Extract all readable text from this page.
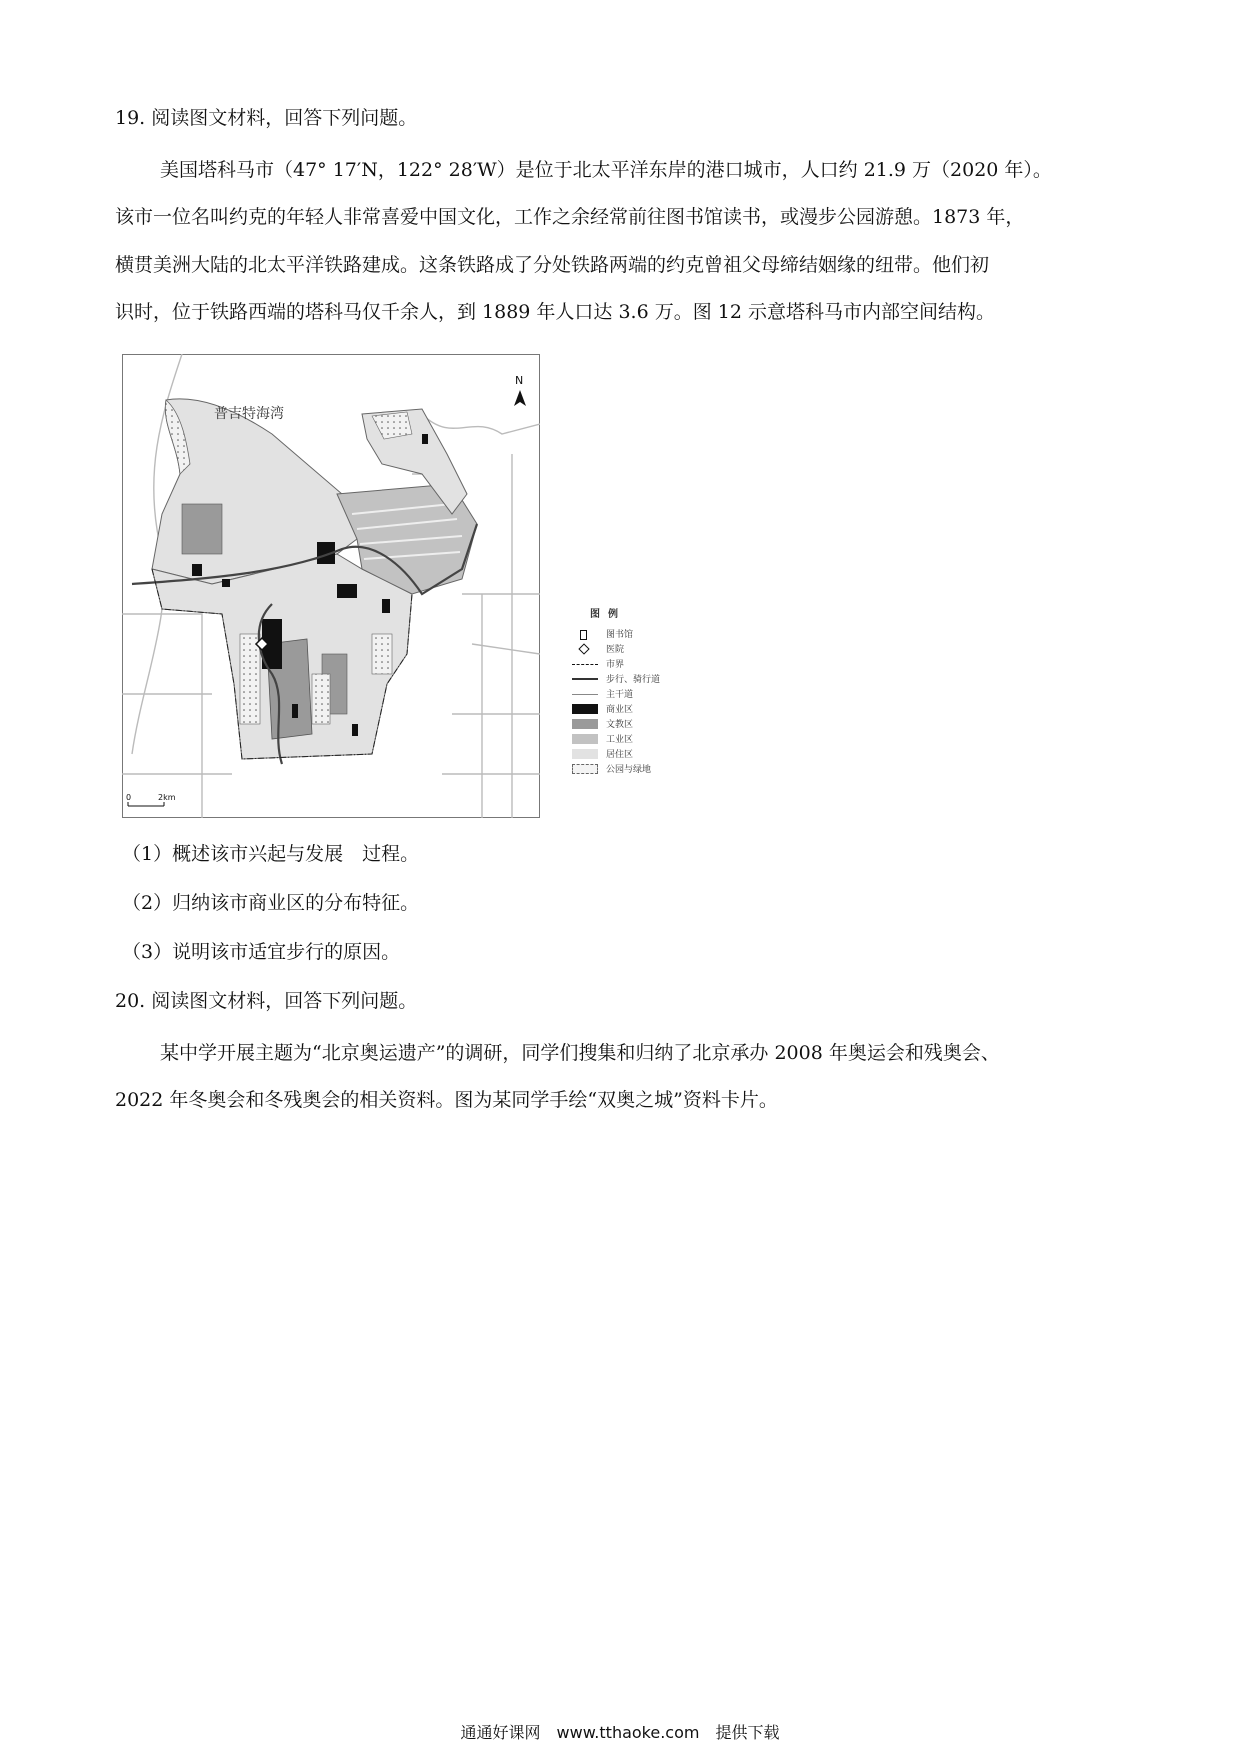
19. 阅读图文材料，回答下列问题。
美国塔科马市（47° 17′N，122° 28′W）是位于北太平洋东岸的港口城市，人口约 21.9 万（2020 年）。
该市一位名叫约克的年轻人非常喜爱中国文化，工作之余经常前往图书馆读书，或漫步公园游憩。1873 年，
横贯美洲大陆的北太平洋铁路建成。这条铁路成了分处铁路两端的约克曾祖父母缔结姻缘的纽带。他们初
识时，位于铁路西端的塔科马仅千余人，到 1889 年人口达 3.6 万。图 12 示意塔科马市内部空间结构。
普吉特海湾
N
0	2km
图例
图书馆
医院
市界
步行、骑行道
主干道
商业区
文教区
工业区
居住区
公园与绿地
（1）概述该市兴起与发展　过程。
（2）归纳该市商业区的分布特征。
（3）说明该市适宜步行的原因。
20. 阅读图文材料，回答下列问题。
某中学开展主题为“北京奥运遗产”的调研，同学们搜集和归纳了北京承办 2008 年奥运会和残奥会、
2022 年冬奥会和冬残奥会的相关资料。图为某同学手绘“双奥之城”资料卡片。
通通好课网　www.tthaoke.com　提供下载
